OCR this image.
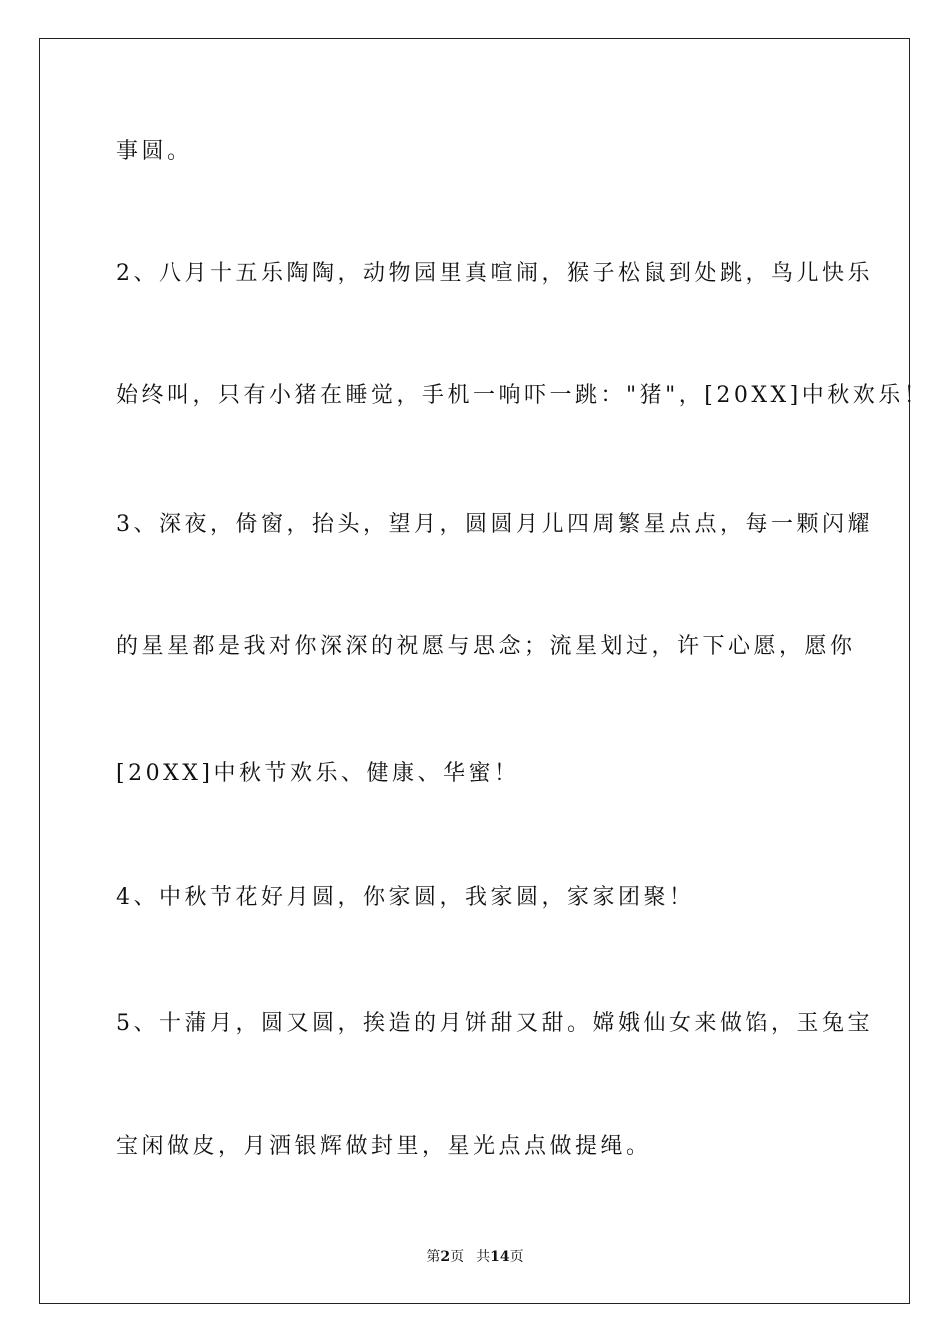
事圆。
2、八月十五乐陶陶，动物园里真喧闹，猴子松鼠到处跳，鸟儿快乐
始终叫，只有小猪在睡觉，手机一响吓一跳："猪"，[20XX]中秋欢乐！
3、深夜，倚窗，抬头，望月，圆圆月儿四周繁星点点，每一颗闪耀
的星星都是我对你深深的祝愿与思念；流星划过，许下心愿，愿你
[20XX]中秋节欢乐、健康、华蜜！
4、中秋节花好月圆，你家圆，我家圆，家家团聚！
5、十蒲月，圆又圆，挨造的月饼甜又甜。嫦娥仙女来做馅，玉兔宝
宝闲做皮，月洒银辉做封里，星光点点做提绳。
第2页 共14页
